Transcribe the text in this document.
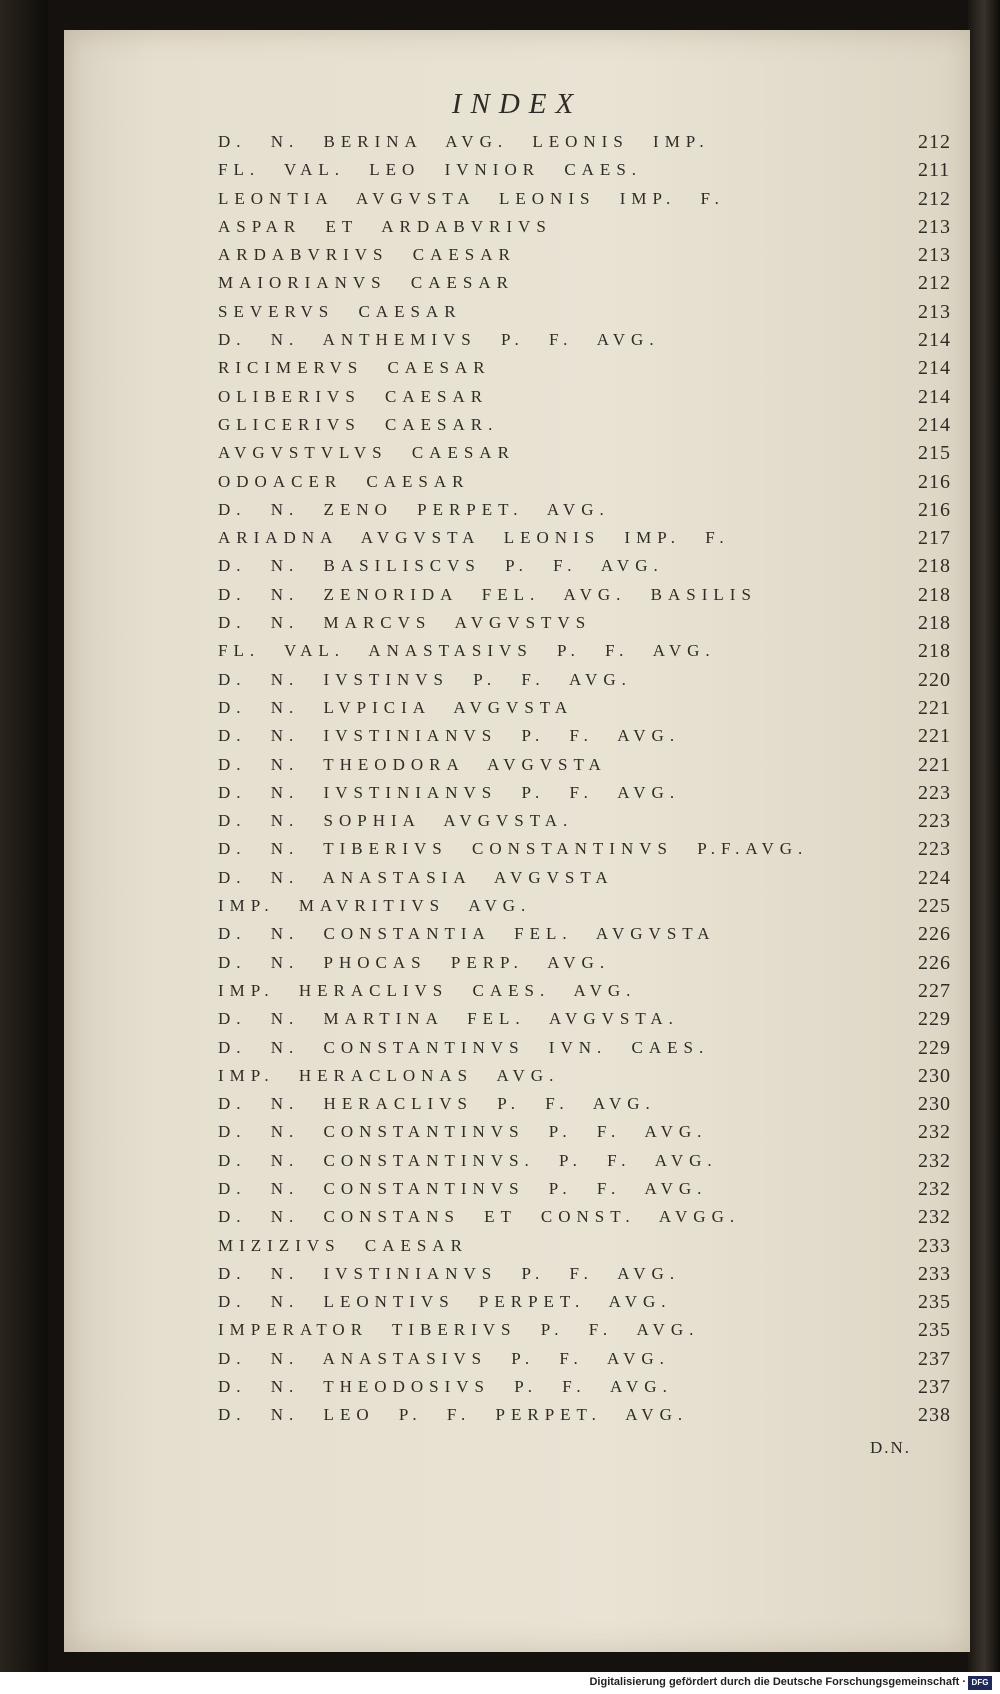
INDEX
D. N. BERINA AVG. LEONIS IMP.	212
FL. VAL. LEO IVNIOR CAES.	211
LEONTIA AVGVSTA LEONIS IMP. F.	212
ASPAR ET ARDABVRIVS	213
ARDABVRIVS CAESAR	213
MAIORIANVS CAESAR	212
SEVERVS CAESAR	213
D. N. ANTHEMIVS P. F. AVG.	214
RICIMERVS CAESAR	214
OLIBERIVS CAESAR	214
GLICERIVS CAESAR.	214
AVGVSTVLVS CAESAR	215
ODOACER CAESAR	216
D. N. ZENO PERPET. AVG.	216
ARIADNA AVGVSTA LEONIS IMP. F.	217
D. N. BASILISCVS P. F. AVG.	218
D. N. ZENORIDA FEL. AVG. BASILIS	218
D. N. MARCVS AVGVSTVS	218
FL. VAL. ANASTASIVS P. F. AVG.	218
D. N. IVSTINVS P. F. AVG.	220
D. N. LVPICIA AVGVSTA	221
D. N. IVSTINIANVS P. F. AVG.	221
D. N. THEODORA AVGVSTA	221
D. N. IVSTINIANVS P. F. AVG.	223
D. N. SOPHIA AVGVSTA.	223
D. N. TIBERIVS CONSTANTINVS P.F.AVG.	223
D. N. ANASTASIA AVGVSTA	224
IMP. MAVRITIVS AVG.	225
D. N. CONSTANTIA FEL. AVGVSTA	226
D. N. PHOCAS PERP. AVG.	226
IMP. HERACLIVS CAES. AVG.	227
D. N. MARTINA FEL. AVGVSTA.	229
D. N. CONSTANTINVS IVN. CAES.	229
IMP. HERACLONAS AVG.	230
D. N. HERACLIVS P. F. AVG.	230
D. N. CONSTANTINVS P. F. AVG.	232
D. N. CONSTANTINVS. P. F. AVG.	232
D. N. CONSTANTINVS P. F. AVG.	232
D. N. CONSTANS ET CONST. AVGG.	232
MIZIZIVS CAESAR	233
D. N. IVSTINIANVS P. F. AVG.	233
D. N. LEONTIVS PERPET. AVG.	235
IMPERATOR TIBERIVS P. F. AVG.	235
D. N. ANASTASIVS P. F. AVG.	237
D. N. THEODOSIVS P. F. AVG.	237
D. N. LEO P. F. PERPET. AVG.	238
D.N.
Digitalisierung gefördert durch die Deutsche Forschungsgemeinschaft · DFG
